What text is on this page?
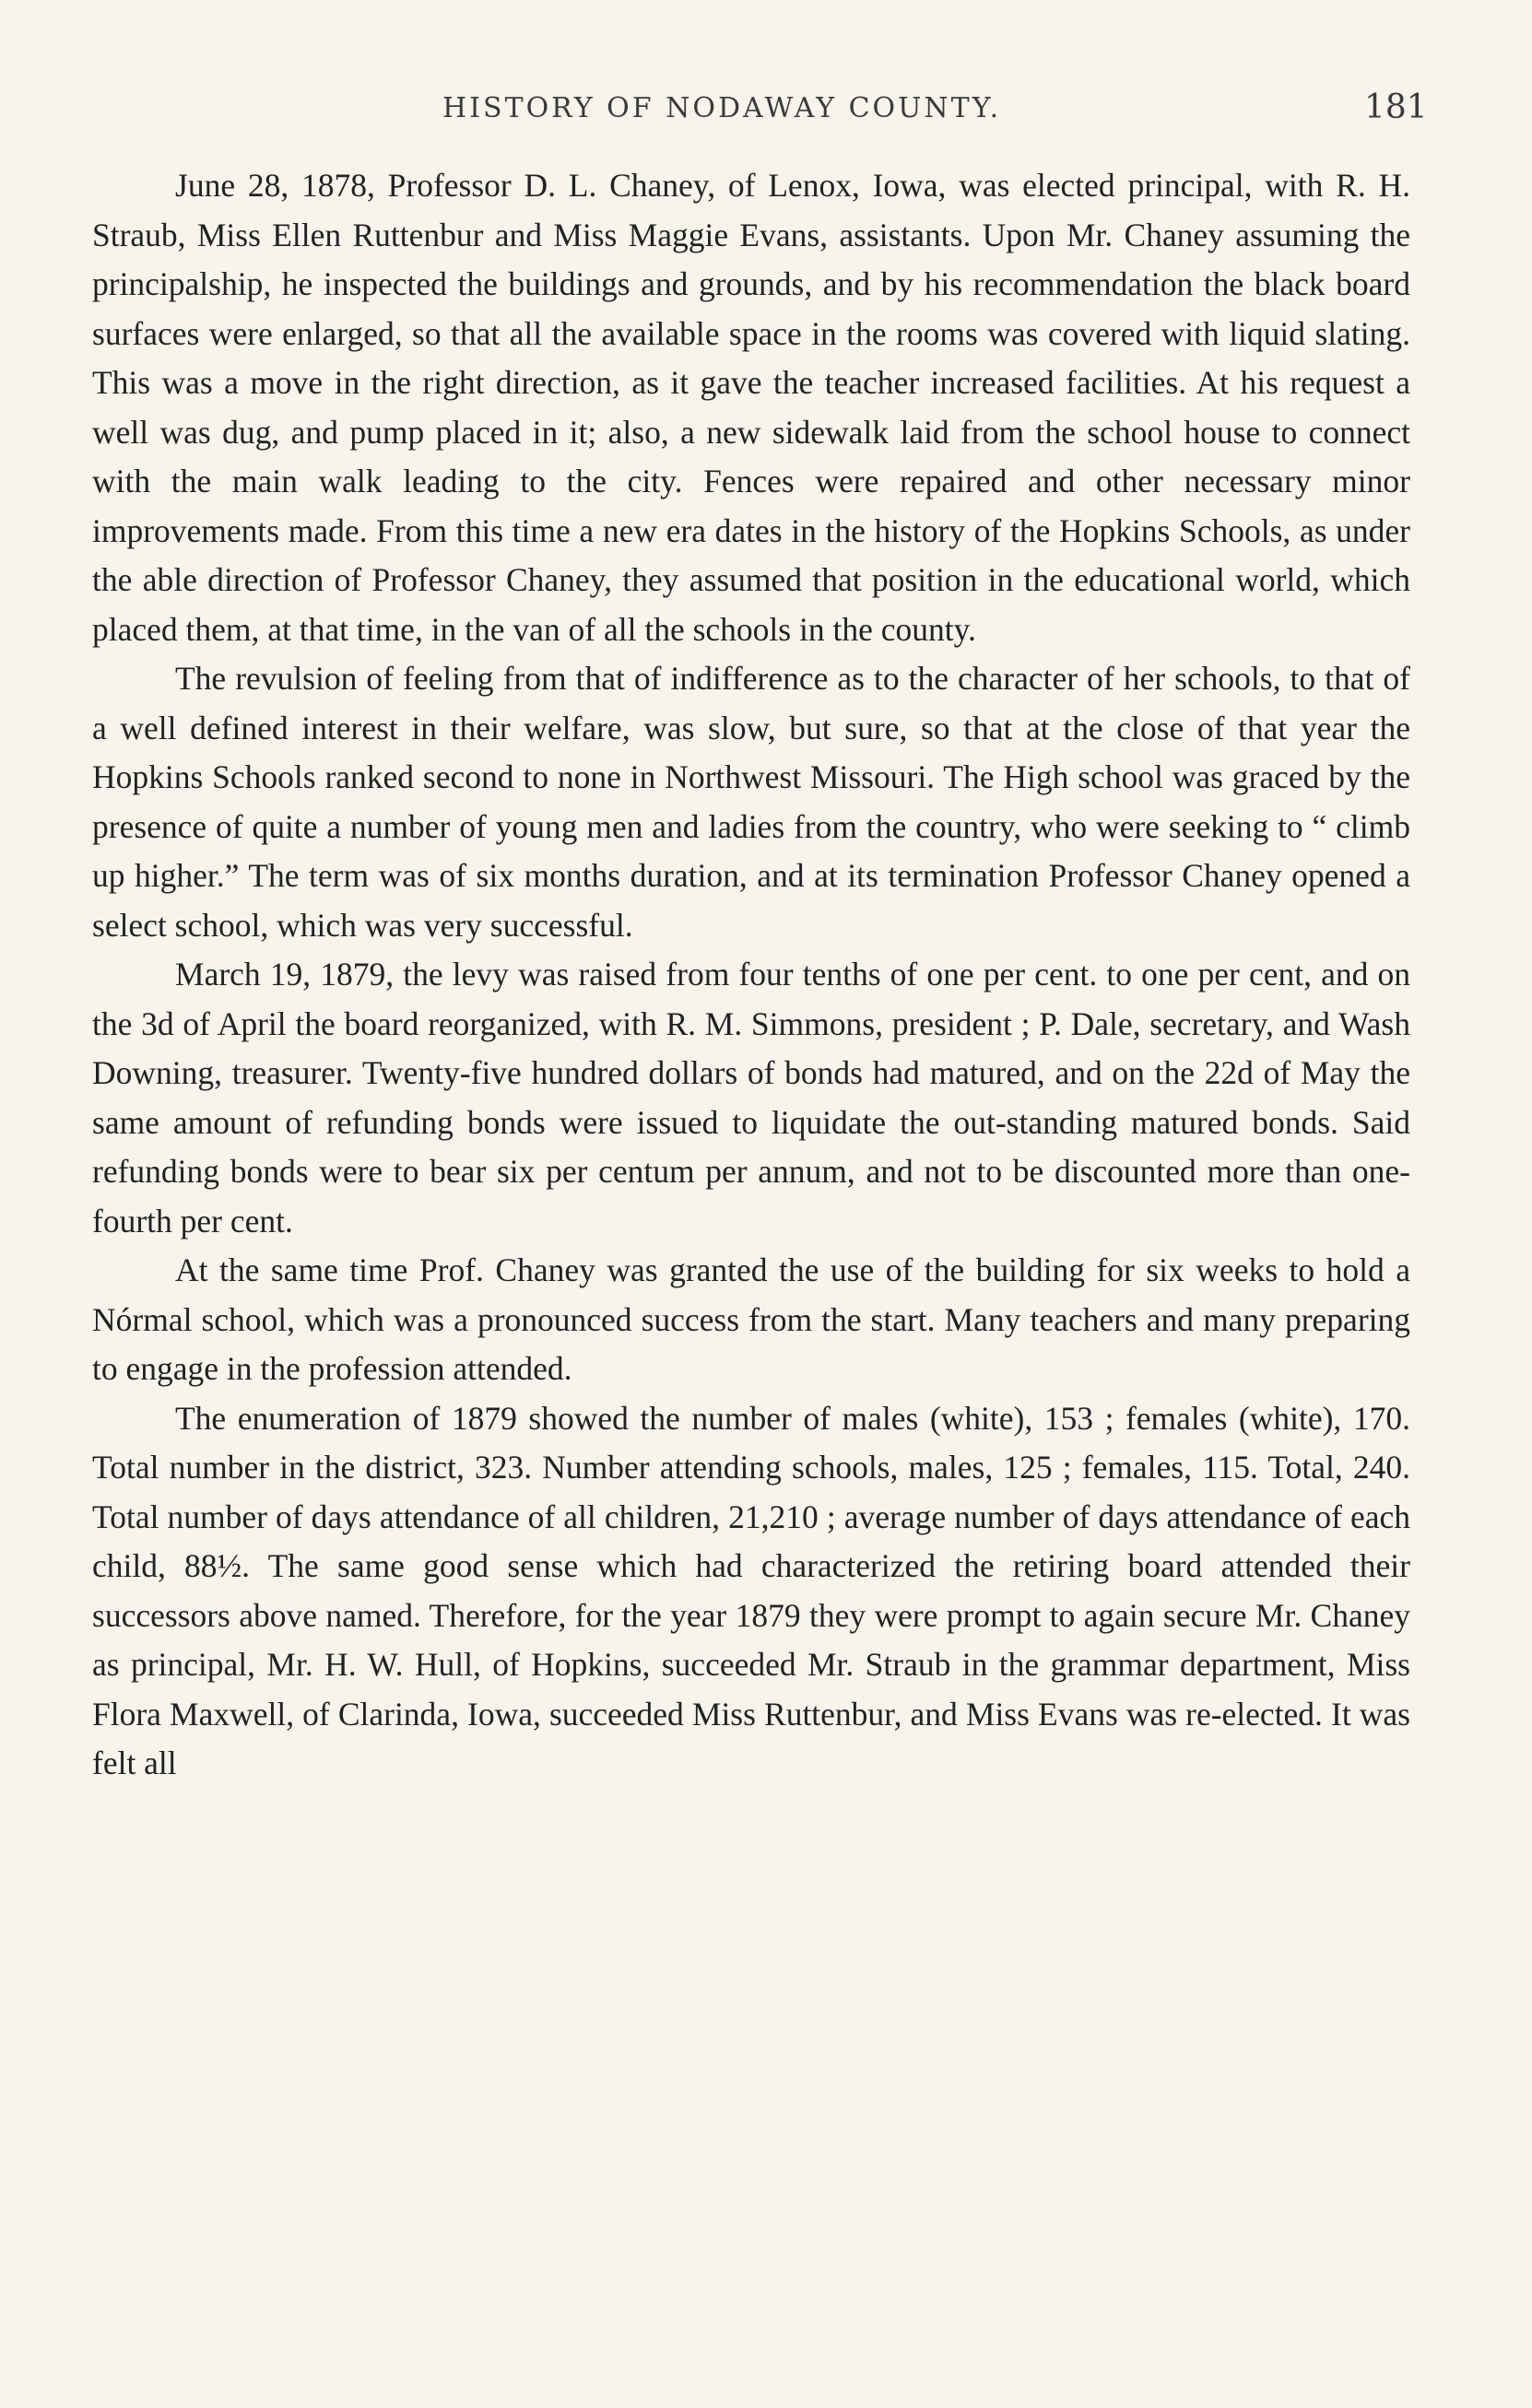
HISTORY OF NODAWAY COUNTY.	181

June 28, 1878, Professor D. L. Chaney, of Lenox, Iowa, was elected principal, with R. H. Straub, Miss Ellen Ruttenbur and Miss Maggie Evans, assistants. Upon Mr. Chaney assuming the principalship, he inspected the buildings and grounds, and by his recommendation the black board surfaces were enlarged, so that all the available space in the rooms was covered with liquid slating. This was a move in the right direction, as it gave the teacher increased facilities. At his request a well was dug, and pump placed in it; also, a new sidewalk laid from the school house to connect with the main walk leading to the city. Fences were repaired and other necessary minor improvements made. From this time a new era dates in the history of the Hopkins Schools, as under the able direction of Professor Chaney, they assumed that position in the educational world, which placed them, at that time, in the van of all the schools in the county.

The revulsion of feeling from that of indifference as to the character of her schools, to that of a well defined interest in their welfare, was slow, but sure, so that at the close of that year the Hopkins Schools ranked second to none in Northwest Missouri. The High school was graced by the presence of quite a number of young men and ladies from the country, who were seeking to “ climb up higher.” The term was of six months duration, and at its termination Professor Chaney opened a select school, which was very successful.

March 19, 1879, the levy was raised from four tenths of one per cent. to one per cent, and on the 3d of April the board reorganized, with R. M. Simmons, president ; P. Dale, secretary, and Wash Downing, treasurer. Twenty-five hundred dollars of bonds had matured, and on the 22d of May the same amount of refunding bonds were issued to liquidate the out-standing matured bonds. Said refunding bonds were to bear six per centum per annum, and not to be discounted more than one-fourth per cent.

At the same time Prof. Chaney was granted the use of the building for six weeks to hold a Nórmal school, which was a pronounced success from the start. Many teachers and many preparing to engage in the profession attended.

The enumeration of 1879 showed the number of males (white), 153 ; females (white), 170. Total number in the district, 323. Number attending schools, males, 125 ; females, 115. Total, 240. Total number of days attendance of all children, 21,210 ; average number of days attendance of each child, 88½. The same good sense which had characterized the retiring board attended their successors above named. Therefore, for the year 1879 they were prompt to again secure Mr. Chaney as principal, Mr. H. W. Hull, of Hopkins, succeeded Mr. Straub in the grammar department, Miss Flora Maxwell, of Clarinda, Iowa, succeeded Miss Ruttenbur, and Miss Evans was re-elected. It was felt all
